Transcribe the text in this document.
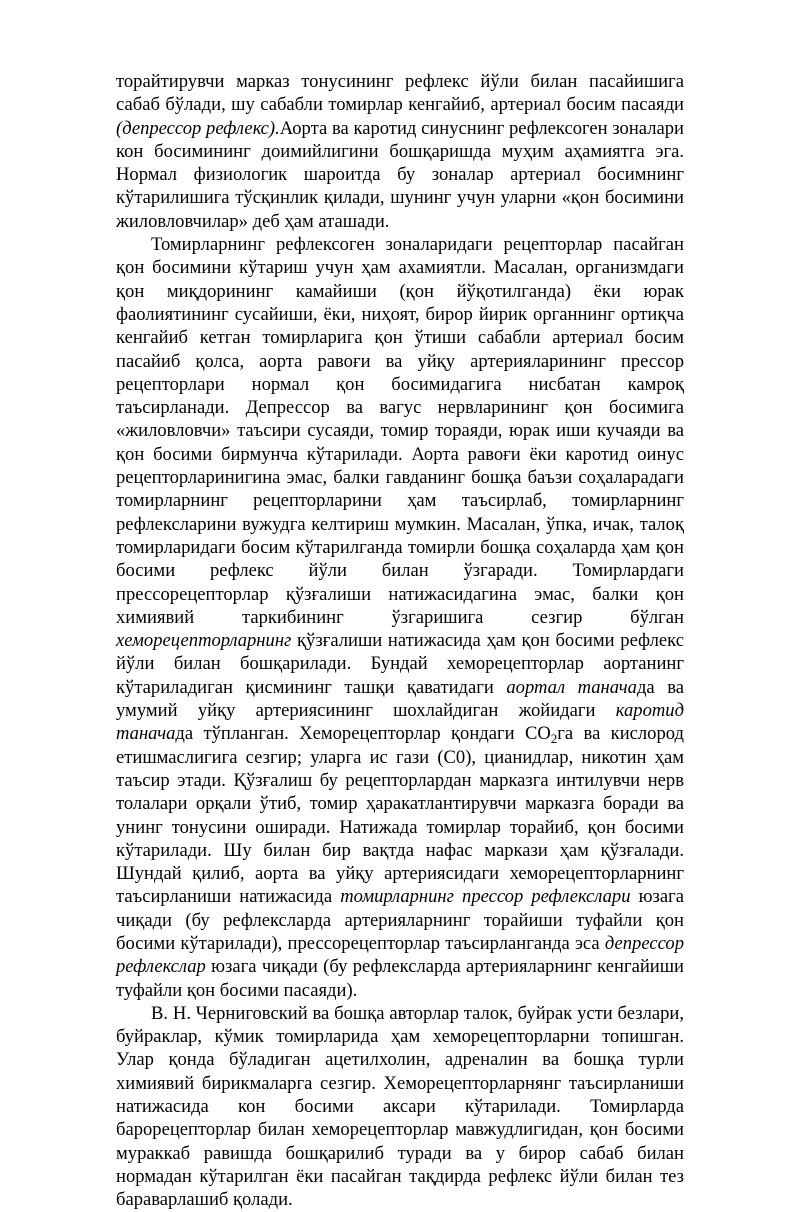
торайтирувчи марказ тонусининг рефлекс йўли билан пасайишига сабаб бўлади, шу сабабли томирлар кенгайиб, артериал босим пасаяди (депрессор рефлекс).Аорта ва каротид синуснинг рефлексоген зоналари кон босимининг доимийлигини бошқаришда муҳим аҳамиятга эга. Нормал физиологик шароитда бу зоналар артериал босимнинг кўтарилишига тўсқинлик қилади, шунинг учун уларни «қон босимини жиловловчилар» деб ҳам аташади.

Томирларнинг рефлексоген зоналаридаги рецепторлар пасайган қон босимини кўтариш учун ҳам ахамиятли. Масалан, организмдаги қон миқдорининг камайиши (қон йўқотилганда) ёки юрак фаолиятининг сусайиши, ёки, ниҳоят, бирор йирик органнинг ортиқча кенгайиб кетган томирларига қон ўтиши сабабли артериал босим пасайиб қолса, аорта равоғи ва уйқу артерияларининг прессор рецепторлари нормал қон босимидагига нисбатан камроқ таъсирланади. Депрессор ва вагус нервларининг қон босимига «жиловловчи» таъсири сусаяди, томир тораяди, юрак иши кучаяди ва қон босими бирмунча кўтарилади. Аорта равоғи ёки каротид оинус рецепторларинигина эмас, балки гавданинг бошқа баъзи соҳаларадаги томирларнинг рецепторларини ҳам таъсирлаб, томирларнинг рефлексларини вужудга келтириш мумкин. Масалан, ўпка, ичак, талоқ томирларидаги босим кўтарилганда томирли бошқа соҳаларда ҳам қон босими рефлекс йўли билан ўзгаради. Томирлардаги прессорецепторлар қўзғалиши натижасидагина эмас, балки қон химиявий таркибининг ўзгаришига сезгир бўлган хеморецепторларнинг қўзғалиши натижасида ҳам қон босими рефлекс йўли билан бошқарилади. Бундай хеморецепторлар аортанинг кўтариладиган қисмининг ташқи қаватидаги аортал таначада ва умумий уйқу артериясининг шохлайдиган жойидаги каротид таначада тўпланган. Хеморецепторлар қондаги $CO_2га$ ва кислород етишмаслигига сезгир; уларга ис гази (С0), цианидлар, никотин ҳам таъсир этади. Қўзғалиш бу рецепторлардан марказга интилувчи нерв толалари орқали ўтиб, томир ҳаракатлантирувчи марказга боради ва унинг тонусини оширади. Натижада томирлар торайиб, қон босими кўтарилади. Шу билан бир вақтда нафас маркази ҳам қўзғалади. Шундай қилиб, аорта ва уйқу артериясидаги хеморецепторларнинг таъсирланиши натижасида томирларнинг прессор рефлекслари юзага чиқади (бу рефлексларда артерияларнинг торайиши туфайли қон босими кўтарилади), прессорецепторлар таъсирланганда эса депрессор рефлекслар юзага чиқади (бу рефлексларда артерияларнинг кенгайиши туфайли қон босими пасаяди).

В. Н. Черниговский ва бошқа авторлар талок, буйрак усти безлари, буйраклар, кўмик томирларида ҳам хеморецепторларни топишган. Улар қонда бўладиган ацетилхолин, адреналин ва бошқа турли химиявий бирикмаларга сезгир. Хеморецепторларнянг таъсирланиши натижасида кон босими аксари кўтарилади. Томирларда барорецепторлар билан хеморецепторлар мавжудлигидан, қон босими мураккаб равишда бошқарилиб туради ва у бирор сабаб билан нормадан кўтарилган ёки пасайган тақдирда рефлекс йўли билан тез бараварлашиб қолади.
